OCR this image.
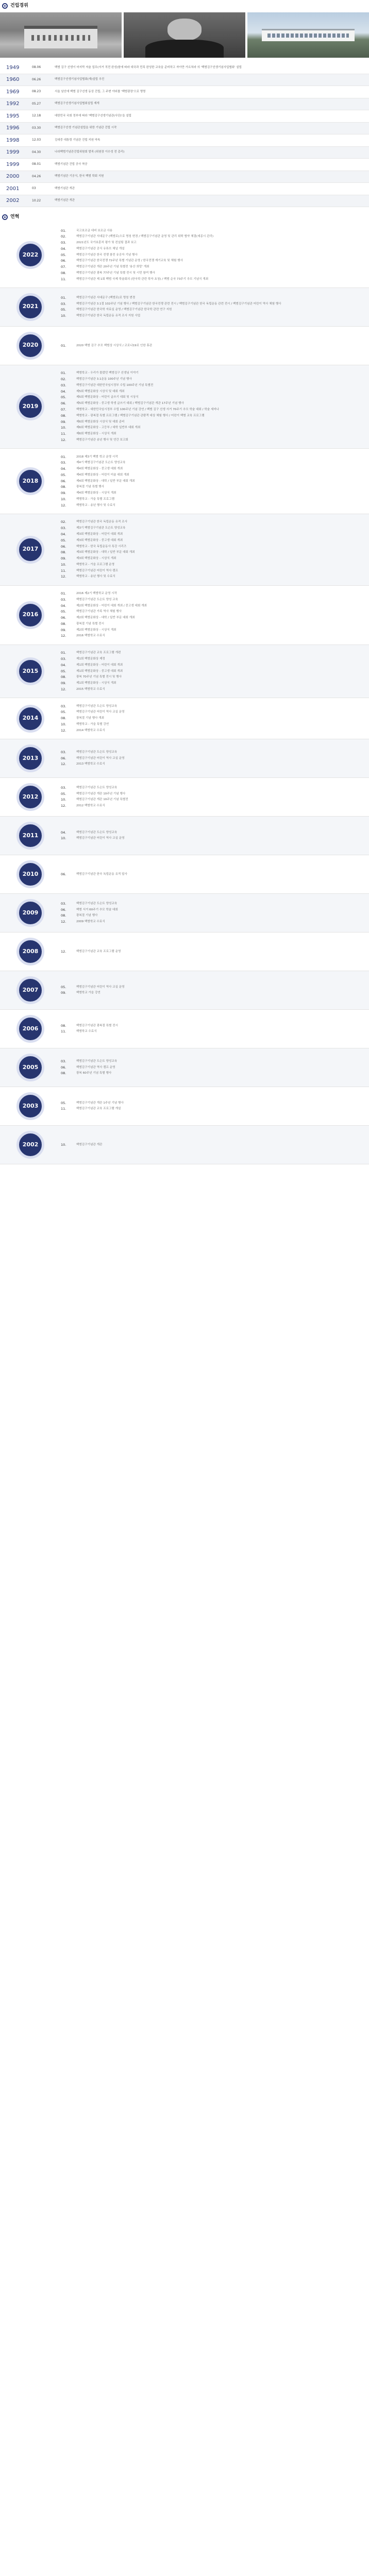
건립경위
1949	08.06	백범 김구 선생이 마지막 저술 업무(서거 직전 완성)함에 따라 대국과 민족 완성한 교육을 준비하고 자아만 가르쳐라 의 '백범김구선생기념사업협회' 설립
1960	06.26	백범김구선생기념사업협회(재)설립 추진
1969	08.23	서울 남산에 백범 김구선생 동상 건립, 그 주변 야외를 '백범광장'으로 명명
1992	05.27	백범김구선생기념사업협회설립 재개
1995	12.18	대한민국 국회 정부에 따라 '백범김구선생기념관(사단)'을 설립
1996	03.30	백범김구선생 기념관설립을 위한 기념관 건립 시작
1998	12.03	김대중 대통령 기념관 건립 지원 약속
1999	04.30	나라백범기념관건립위원회 발족 (위원장 이수성 전 총리)
1999	08.01	백범기념관 건립 공사 착공
2000	04.26	백범기념관 기공식, 한국 백범 학회 지원
2001	03	백범기념관 개관
2002	10.22	백범기념관 개관
연혁
2022
01.	국고보조금 대비 보조금 사용
02.	백범김구기념관 서대문구 (백범로)으로 명칭 변경 / 백범김구기념관 운영 및 관리 위탁 협약 체결(세종시 관리)
03.	2021년도 국가보훈처 평가 및 컨설팅 결과 보고
04.	백범김구기념관 공식 유튜브 채널 개설
05.	백범김구기념관 한국 전쟁 참전 유공자 기념 행사
06.	백범김구기념관 한국전쟁 72주년 특별 기념관 운영 / 한국전쟁 계기교육 및 체험 행사
07.	백범김구기념관 개관 20주년 기념 특별전 '용산 희망' 개최
08.	백범김구기념관 광복 77주년 기념 특별 전시 및 시민 참여 행사
11.	백범김구기념관 제 1회 백범 국제 학술회의 (한국학 관련 학자 초청) / 백범 순국 73주기 추모 기념식 개최
2021
01.	백범김구기념관 서대문구 (백범로)로 명칭 변경
03.	백범김구기념관 3.1절 102주년 기념 행사 / 백범김구기념관 한국전쟁 관련 전시 / 백범김구기념관 한국 독립운동 관련 전시 / 백범김구기념관 어린이 역사 체험 행사
05.	백범김구기념관 한국학 자료실 운영 / 백범김구기념관 한국학 관련 연구 지원
10.	백범김구기념관 한국 독립운동 유적 조사 지원 사업
2020	01.	2020 백범 김구 추모 백범상 시상식 / 코로나19로 인한 휴관
2019
01.	백범학교 - 우리가 몰랐던 백범김구 선생님 이야기
02.	백범김구기념관 3.1운동 100주년 기념 행사
03.	백범김구기념관 대한민국임시정부 수립 100주년 기념 특별전
04.	제5회 백범문화상 시상식 및 대회 개최
05.	제5회 백범문화상 - 어린이 글쓰기 대회 및 시상식
06.	제5회 백범문화상 - 중고생 학생 글쓰기 대회 / 백범김구기념관 개관 17주년 기념 행사
07.	백범학교 - 대한민국임시정부 수립 100주년 기념 강연 / 백범 김구 선생 서거 70주기 추모 학술 대회 / 학술 세미나
08.	백범학교 - 광복절 특별 프로그램 / 백범김구기념관 관람객 대상 체험 행사 / 어린이 백범 교육 프로그램
09.	제6회 백범문화상 시상식 및 대회 준비
10.	제6회 백범문화상 - 고등부 / 대학 일반부 대회 개최
11.	제6회 백범문화상 - 시상식 개최
12.	백범김구기념관 송년 행사 및 연간 보고회
2018
01.	2018 제3기 백범 학교 운영 시작
03.	제4기 백범김구기념관 도슨트 양성교육
04.	제4회 백범문화상 - 중고생 대회 개최
05.	제4회 백범문화상 - 어린이 미술 대회 개최
06.	제4회 백범문화상 - 대학 / 일반 부문 대회 개최
08.	광복절 기념 특별 행사
09.	제4회 백범문화상 - 시상식 개최
10.	백범학교 - 가을 특별 프로그램
12.	백범학교 - 송년 행사 및 수료식
2017
02.	백범김구기념관 한국 독립운동 유적 조사
03.	제3기 백범김구기념관 도슨트 양성교육
04.	제3회 백범문화상 - 어린이 대회 개최
05.	제3회 백범문화상 - 중고생 대회 개최
06.	백범학교 - 한국 독립운동사 특강 시리즈
08.	제3회 백범문화상 - 대학 / 일반 부문 대회 개최
09.	제3회 백범문화상 - 시상식 개최
10.	백범학교 - 가을 프로그램 운영
11.	백범김구기념관 어린이 역사 캠프
12.	백범학교 - 송년 행사 및 수료식
2016
01.	2016 제2기 백범학교 운영 시작
03.	백범김구기념관 도슨트 양성 교육
04.	제2회 백범문화상 - 어린이 대회 개최 / 중고생 대회 개최
05.	백범김구기념관 가족 역사 체험 행사
06.	제2회 백범문화상 - 대학 / 일반 부문 대회 개최
08.	광복절 기념 특별 전시
09.	제2회 백범문화상 - 시상식 개최
12.	2016 백범학교 수료식
2015
01.	백범김구기념관 교육 프로그램 개편
03.	제1회 백범문화상 제정
04.	제1회 백범문화상 - 어린이 대회 개최
05.	제1회 백범문화상 - 중고생 대회 개최
08.	광복 70주년 기념 특별 전시 및 행사
09.	제1회 백범문화상 - 시상식 개최
12.	2015 백범학교 수료식
2014
03.	백범김구기념관 도슨트 양성교육
05.	백범김구기념관 어린이 역사 교실 운영
08.	광복절 기념 행사 개최
10.	백범학교 - 가을 특별 강연
12.	2014 백범학교 수료식
2013
03.	백범김구기념관 도슨트 양성교육
06.	백범김구기념관 어린이 역사 교실 운영
12.	2013 백범학교 수료식
2012
03.	백범김구기념관 도슨트 양성교육
05.	백범김구기념관 개관 10주년 기념 행사
10.	백범김구기념관 개관 10주년 기념 특별전
12.	2012 백범학교 수료식
2011	04.	백범김구기념관 도슨트 양성교육
10.	백범김구기념관 어린이 역사 교실 운영
2010	06.	백범김구기념관 한국 독립운동 유적 답사
2009
03.	백범김구기념관 도슨트 양성교육
06.	백범 서거 60주기 추모 학술 대회
08.	광복절 기념 행사
12.	2009 백범학교 수료식
2008	12.	백범김구기념관 교육 프로그램 운영
2007	05.	백범김구기념관 어린이 역사 교실 운영
09.	백범학교 가을 강연
2006	08.	백범김구기념관 광복절 특별 전시
11.	백범학교 수료식
2005
03.	백범김구기념관 도슨트 양성교육
06.	백범김구기념관 역사 캠프 운영
08.	광복 60주년 기념 특별 행사
2003	05.	백범김구기념관 개관 1주년 기념 행사
11.	백범김구기념관 교육 프로그램 개설
2002	10.	백범김구기념관 개관
